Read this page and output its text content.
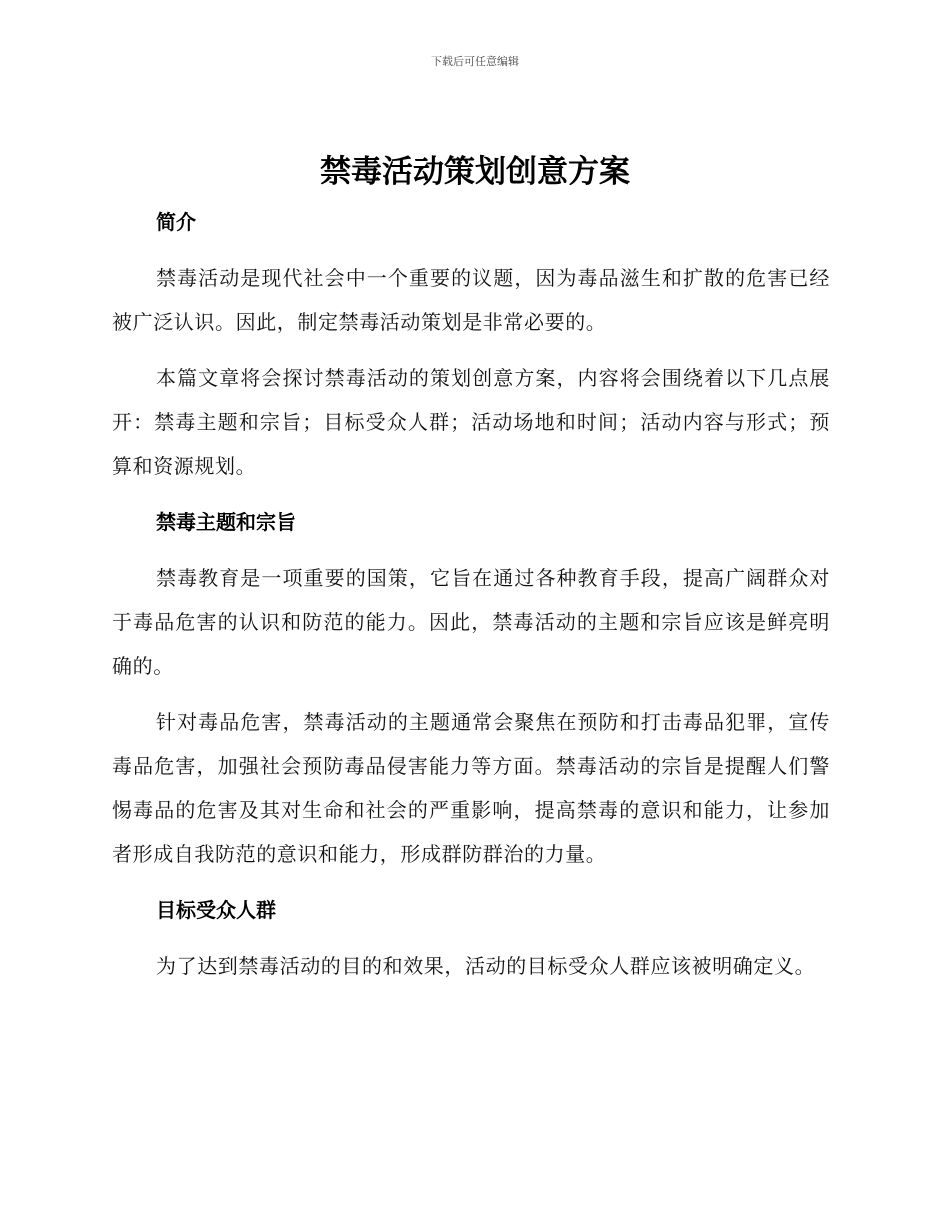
下载后可任意编辑
禁毒活动策划创意方案
简介

禁毒活动是现代社会中一个重要的议题，因为毒品滋生和扩散的危害已经被广泛认识。因此，制定禁毒活动策划是非常必要的。

本篇文章将会探讨禁毒活动的策划创意方案，内容将会围绕着以下几点展开：禁毒主题和宗旨；目标受众人群；活动场地和时间；活动内容与形式；预算和资源规划。

禁毒主题和宗旨

禁毒教育是一项重要的国策，它旨在通过各种教育手段，提高广阔群众对于毒品危害的认识和防范的能力。因此，禁毒活动的主题和宗旨应该是鲜亮明确的。

针对毒品危害，禁毒活动的主题通常会聚焦在预防和打击毒品犯罪，宣传毒品危害，加强社会预防毒品侵害能力等方面。禁毒活动的宗旨是提醒人们警惕毒品的危害及其对生命和社会的严重影响，提高禁毒的意识和能力，让参加者形成自我防范的意识和能力，形成群防群治的力量。

目标受众人群

为了达到禁毒活动的目的和效果，活动的目标受众人群应该被明确定义。
